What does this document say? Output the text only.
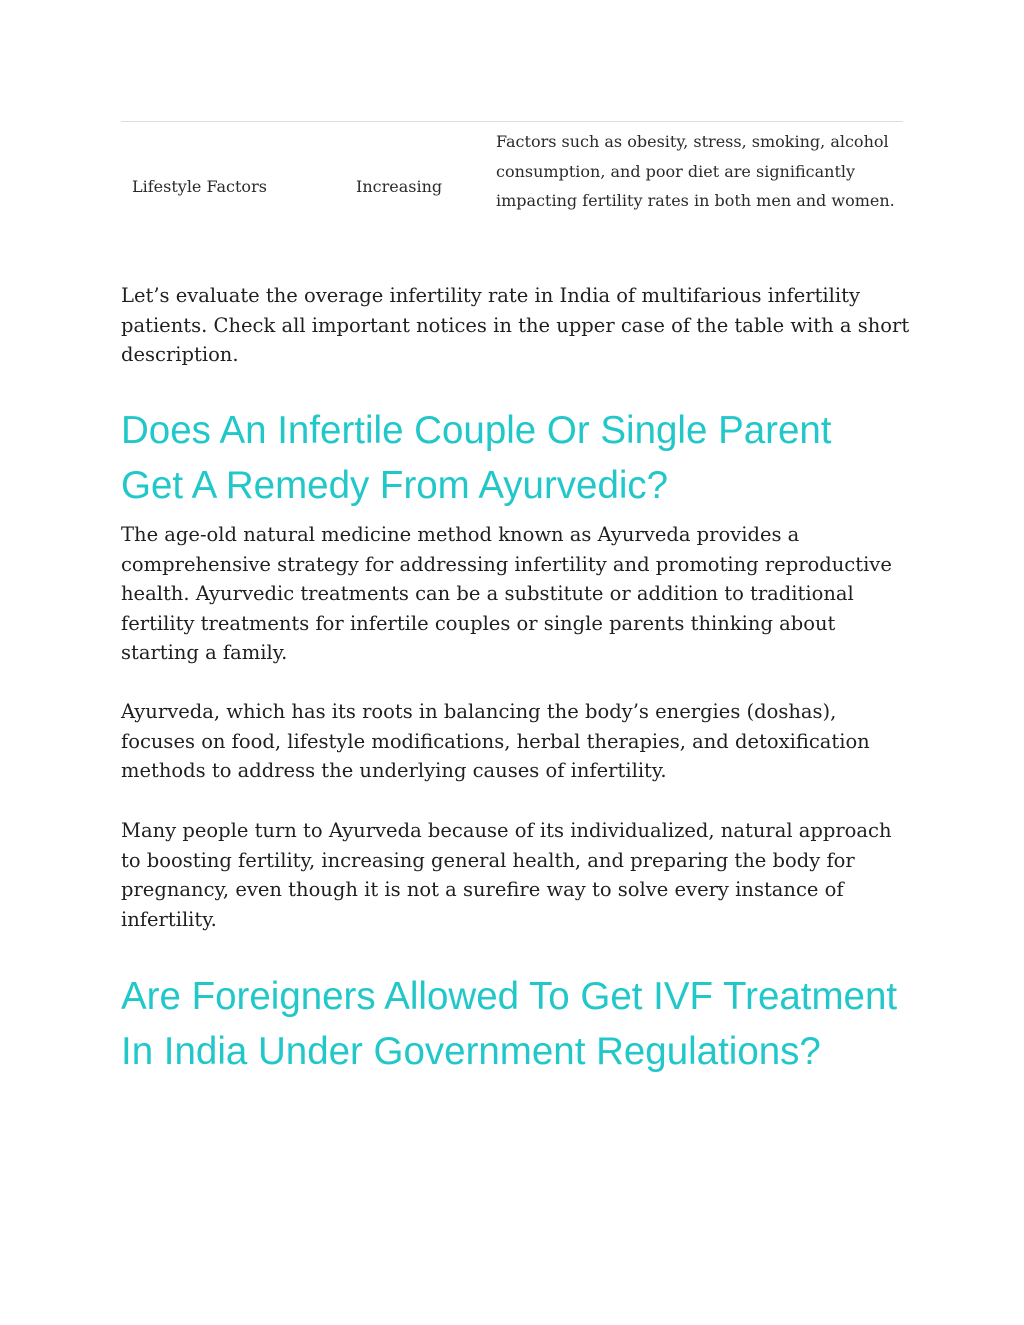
Lifestyle Factors	Increasing
Factors such as obesity, stress, smoking, alcohol consumption, and poor diet are significantly impacting fertility rates in both men and women.

Let’s evaluate the overage infertility rate in India of multifarious infertility patients. Check all important notices in the upper case of the table with a short description.

Does An Infertile Couple Or Single Parent Get A Remedy From Ayurvedic?

The age-old natural medicine method known as Ayurveda provides a comprehensive strategy for addressing infertility and promoting reproductive health. Ayurvedic treatments can be a substitute or addition to traditional fertility treatments for infertile couples or single parents thinking about starting a family.

Ayurveda, which has its roots in balancing the body’s energies (doshas), focuses on food, lifestyle modifications, herbal therapies, and detoxification methods to address the underlying causes of infertility.

Many people turn to Ayurveda because of its individualized, natural approach to boosting fertility, increasing general health, and preparing the body for pregnancy, even though it is not a surefire way to solve every instance of infertility.

Are Foreigners Allowed To Get IVF Treatment In India Under Government Regulations?
